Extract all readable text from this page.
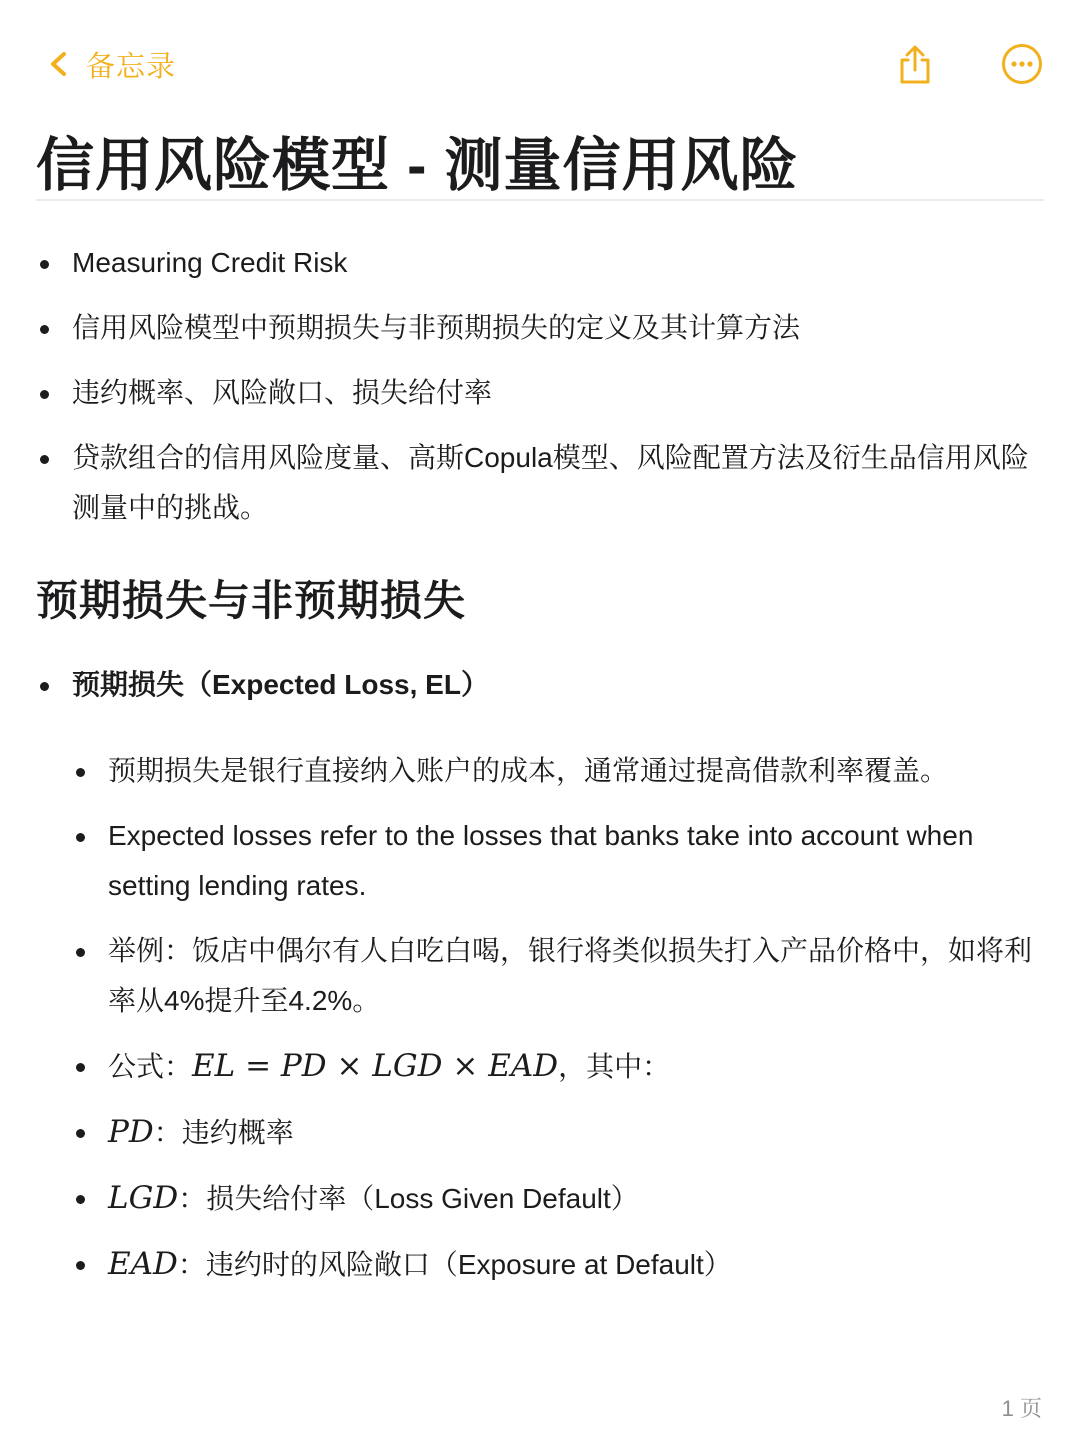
备忘录
信用风险模型 - 测量信用风险
Measuring Credit Risk
信用风险模型中预期损失与非预期损失的定义及其计算方法
违约概率、风险敞口、损失给付率
贷款组合的信用风险度量、高斯Copula模型、风险配置方法及衍生品信用风险测量中的挑战。
预期损失与非预期损失
预期损失（Expected Loss, EL）
预期损失是银行直接纳入账户的成本，通常通过提高借款利率覆盖。
Expected losses refer to the losses that banks take into account when setting lending rates.
举例：饭店中偶尔有人白吃白喝，银行将类似损失打入产品价格中，如将利率从4%提升至4.2%。
公式：EL = PD × LGD × EAD，其中：
PD：违约概率
LGD：损失给付率（Loss Given Default）
EAD：违约时的风险敞口（Exposure at Default）
1 页
